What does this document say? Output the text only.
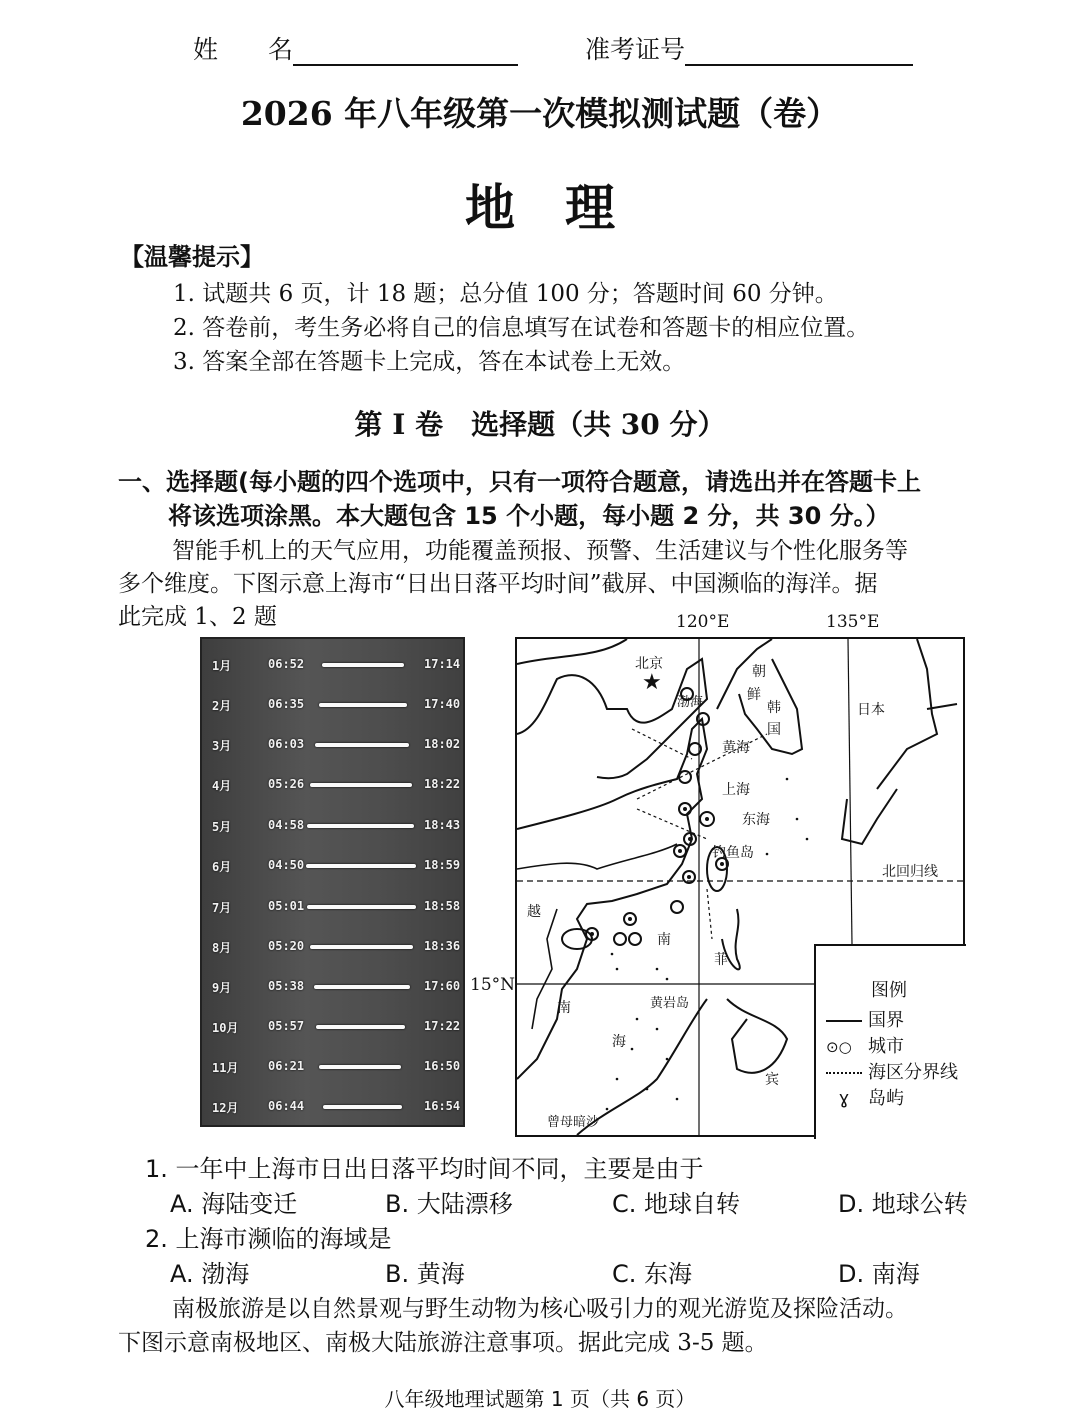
姓　　名	准考证号
2026 年八年级第一次模拟测试题（卷）
地　理
【温馨提示】
1. 试题共 6 页，计 18 题；总分值 100 分；答题时间 60 分钟。
2. 答卷前，考生务必将自己的信息填写在试卷和答题卡的相应位置。
3. 答案全部在答题卡上完成，答在本试卷上无效。
第 I 卷　选择题（共 30 分）
一、选择题(每小题的四个选项中，只有一项符合题意，请选出并在答题卡上
将该选项涂黑。本大题包含 15 个小题，每小题 2 分，共 30 分。）
智能手机上的天气应用，功能覆盖预报、预警、生活建议与个性化服务等
多个维度。下图示意上海市“日出日落平均时间”截屏、中国濒临的海洋。据
此完成 1、2 题
1月	06:52	17:14
2月	06:35	17:40
3月	06:03	18:02
4月	05:26	18:22
5月	04:58	18:43
6月	04:50	18:59
7月	05:01	18:58
8月	05:20	18:36
9月	05:38	17:60
10月 05:57	17:22
11月 06:21	16:50
12月 06:44	16:54
120°E	135°E
15°N
★
北京
渤海
朝
鲜
韩
国
日本
黄海
上海
东海
钓鱼岛
北回归线
越
南
菲
黄岩岛
南
海
宾
曾母暗沙
图例
国界
⊙○ 城市
海区分界线
ɣ 岛屿
1. 一年中上海市日出日落平均时间不同，主要是由于
A. 海陆变迁	B. 大陆漂移	C. 地球自转	D. 地球公转
2. 上海市濒临的海域是
A. 渤海	B. 黄海	C. 东海	D. 南海
南极旅游是以自然景观与野生动物为核心吸引力的观光游览及探险活动。
下图示意南极地区、南极大陆旅游注意事项。据此完成 3-5 题。
八年级地理试题第 1 页（共 6 页）
